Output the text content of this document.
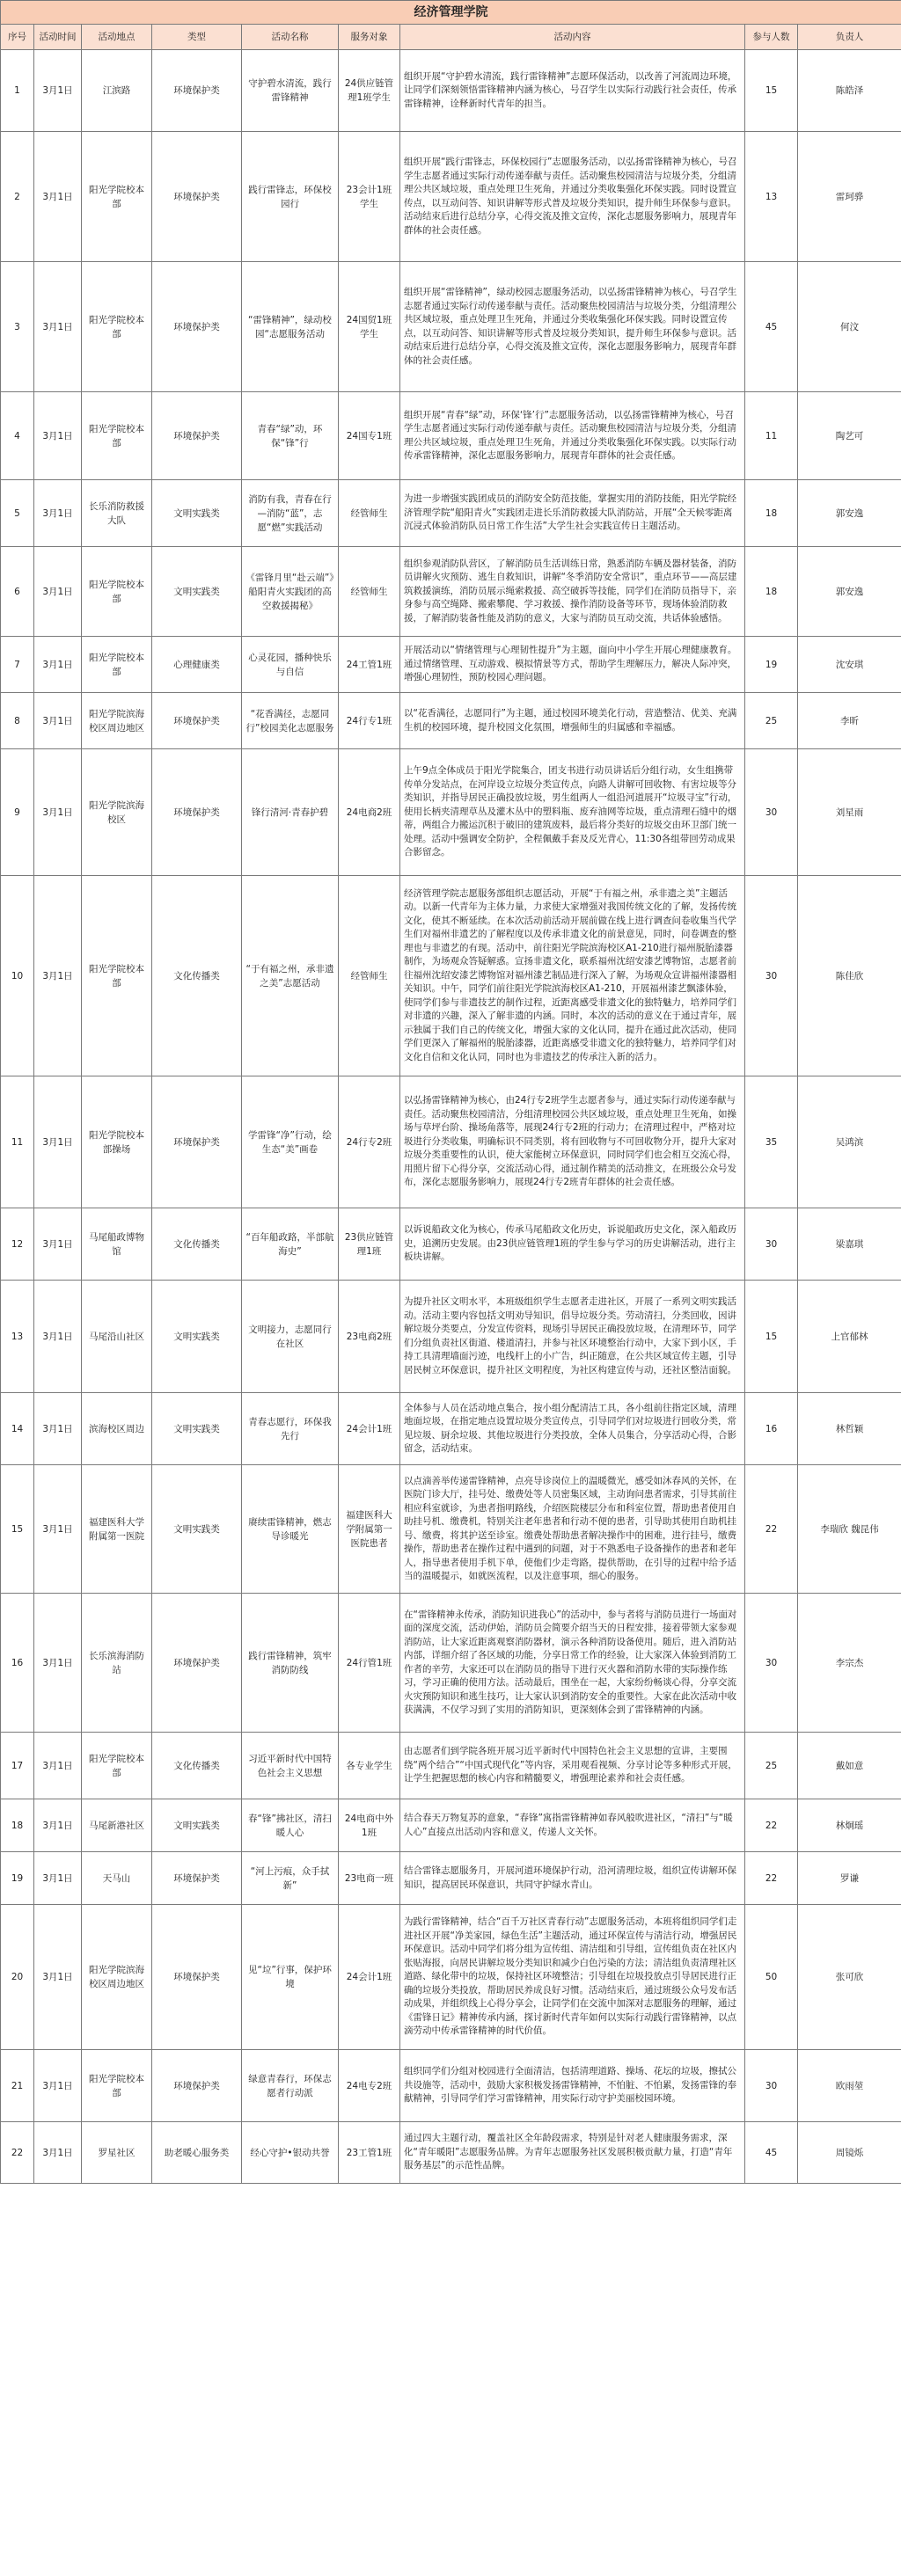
经济管理学院
序号	活动时间	活动地点	类型	活动名称	服务对象	活动内容	参与人数	负责人
1	3月1日	江滨路	环境保护类	守护碧水清流，践行雷锋精神	24供应链管理1班学生	组织开展“守护碧水清流，践行雷锋精神”志愿环保活动，以改善了河流周边环境，让同学们深刻领悟雷锋精神内涵为核心，号召学生以实际行动践行社会责任，传承雷锋精神，诠释新时代青年的担当。	15	陈皓泽
2	3月1日	阳光学院校本部	环境保护类	践行雷锋志，环保校园行	23会计1班学生	组织开展“践行雷锋志，环保校园行”志愿服务活动，以弘扬雷锋精神为核心，号召学生志愿者通过实际行动传递奉献与责任。活动聚焦校园清洁与垃圾分类，分组清理公共区域垃圾，重点处理卫生死角，并通过分类收集强化环保实践。同时设置宣传点，以互动问答、知识讲解等形式普及垃圾分类知识，提升师生环保参与意识。活动结束后进行总结分享，心得交流及推文宣传，深化志愿服务影响力，展现青年群体的社会责任感。	13	雷珂骅
3	3月1日	阳光学院校本部	环境保护类	“雷锋精神”，绿动校园“志愿服务活动	24国贸1班学生	组织开展“雷锋精神”，绿动校园志愿服务活动，以弘扬雷锋精神为核心，号召学生志愿者通过实际行动传递奉献与责任。活动聚焦校园清洁与垃圾分类，分组清理公共区域垃圾，重点处理卫生死角，并通过分类收集强化环保实践。同时设置宣传点，以互动问答、知识讲解等形式普及垃圾分类知识，提升师生环保参与意识。活动结束后进行总结分享，心得交流及推文宣传，深化志愿服务影响力，展现青年群体的社会责任感。	45	何汶
4	3月1日	阳光学院校本部	环境保护类	青春“绿”动，环保“锋”行	24国专1班	组织开展“青春“绿”动，环保‘锋’行”志愿服务活动，以弘扬雷锋精神为核心，号召学生志愿者通过实际行动传递奉献与责任。活动聚焦校园清洁与垃圾分类，分组清理公共区域垃圾，重点处理卫生死角，并通过分类收集强化环保实践。以实际行动传承雷锋精神，深化志愿服务影响力，展现青年群体的社会责任感。	11	陶艺可
5	3月1日	长乐消防救援大队	文明实践类	消防有我，青春在行—消防“蓝”，志愿“燃”实践活动	经管师生	为进一步增强实践团成员的消防安全防范技能，掌握实用的消防技能，阳光学院经济管理学院“船阳青火”实践团走进长乐消防救援大队消防站，开展“全天候零距离沉浸式体验消防队员日常工作生活”大学生社会实践宣传日主题活动。	18	郭安逸
6	3月1日	阳光学院校本部	文明实践类	《雷锋月里“赴云端”》船阳青火实践团的高空救援揭秘》	经管师生	组织参观消防队营区，了解消防员生活训练日常，熟悉消防车辆及器材装备，消防员讲解火灾预防、逃生自救知识，讲解“冬季消防安全常识”，重点环节——高层建筑救援演练，消防员展示绳索救援、高空破拆等技能，同学们在消防员指导下，亲身参与高空绳降、搬索攀爬、学习救援、操作消防设备等环节，现场体验消防救援，了解消防装备性能及消防的意义，大家与消防员互动交流，共话体验感悟。	18	郭安逸
7	3月1日	阳光学院校本部	心理健康类	心灵花园，播种快乐与自信	24工管1班	开展活动以“情绪管理与心理韧性提升”为主题，面向中小学生开展心理健康教育。通过情绪管理、互动游戏、模拟情景等方式，帮助学生理解压力，解决人际冲突，增强心理韧性，预防校园心理问题。	19	沈安琪
8	3月1日	阳光学院滨海校区周边地区	环境保护类	“花香满径，志愿同行”校园美化志愿服务	24行专1班	以“花香满径，志愿同行”为主题，通过校园环境美化行动，营造整洁、优美、充满生机的校园环境，提升校园文化氛围，增强师生的归属感和幸福感。	25	李昕
9	3月1日	阳光学院滨海校区	环境保护类	锋行清河·青春护碧	24电商2班	上午9点全体成员于阳光学院集合，团支书进行动员讲话后分组行动，女生组携带传单分发站点，在河岸设立垃圾分类宣传点，向路人讲解可回收物、有害垃圾等分类知识，并指导居民正确投放垃圾，男生组两人一组沿河道展开“垃圾寻宝”行动，使用长柄夹清理草丛及灌木丛中的塑料瓶、废弃油网等垃圾，重点清理石缝中的烟蒂，两组合力搬运沉积于破旧的建筑废料，最后将分类好的垃圾交由环卫部门统一处理。活动中强调安全防护，全程佩戴手套及反光背心，11:30各组带回劳动成果合影留念。	30	刘星雨
10	3月1日	阳光学院校本部	文化传播类	“于有福之州，承非遗之美”志愿活动	经管师生	经济管理学院志愿服务部组织志愿活动，开展“于有福之州，承非遗之美”主题活动。以新一代青年为主体力量，力求使大家增强对我国传统文化的了解，发扬传统文化，使其不断延续。在本次活动前活动开展前做在线上进行调查问卷收集当代学生们对福州非遗艺的了解程度以及传承非遗文化的前景意见，同时，问卷调查的整理也与非遗艺的有现。活动中，前往阳光学院滨海校区A1-210进行福州脱胎漆器制作，为场观众答疑解惑。宣扬非遗文化，联系福州沈绍安漆艺博物馆，志愿者前往福州沈绍安漆艺博物馆对福州漆艺制品进行深入了解，为场观众宣讲福州漆器相关知识。中午，同学们前往阳光学院滨海校区A1-210，开展福州漆艺飘漆体验，使同学们参与非遗技艺的制作过程，近距离感受非遗文化的独特魅力，培养同学们对非遗的兴趣，深入了解非遗的内涵。同时，本次的活动的意义在于通过青年，展示独属于我们自己的传统文化，增强大家的文化认同，提升在通过此次活动，使同学们更深入了解福州的脱胎漆器，近距离感受非遗文化的独特魅力，培养同学们对文化自信和文化认同，同时也为非遗技艺的传承注入新的活力。	30	陈佳欣
11	3月1日	阳光学院校本部操场	环境保护类	学雷锋“净”行动，绘生态“美”画卷	24行专2班	以弘扬雷锋精神为核心，由24行专2班学生志愿者参与，通过实际行动传递奉献与责任。活动聚焦校园清洁，分组清理校园公共区域垃圾，重点处理卫生死角，如操场与草坪台阶、操场角落等，展现24行专2班的行动力；在清理过程中，严格对垃圾进行分类收集，明确标识不同类别，将有回收物与不可回收物分开，提升大家对垃圾分类重要性的认识，使大家能树立环保意识，同时同学们也会相互交流心得，用照片留下心得分享，交流活动心得，通过制作精美的活动推文，在班级公众号发布，深化志愿服务影响力，展现24行专2班青年群体的社会责任感。	35	吴鸿滨
12	3月1日	马尾船政博物馆	文化传播类	“百年船政路，半部航海史”	23供应链管理1班	以诉说船政文化为核心，传承马尾船政文化历史，诉说船政历史文化，深入船政历史，追溯历史发展。由23供应链管理1班的学生参与学习的历史讲解活动，进行主板块讲解。	30	梁嘉琪
13	3月1日	马尾沿山社区	文明实践类	文明接力，志愿同行在社区	23电商2班	为提升社区文明水平，本班级组织学生志愿者走进社区，开展了一系列文明实践活动。活动主要内容包括文明劝导知识，倡导垃圾分类。劳动清扫，分类回收，因讲解垃圾分类要点，分发宣传资料，现场引导居民正确投放垃圾，在清理环节，同学们分组负责社区街道、楼道清扫，并参与社区环境整治行动中，大家下到小区，手持工具清理墙面污迹，电线杆上的小广告，纠正随意，在公共区域宣传主题，引导居民树立环保意识，提升社区文明程度，为社区构建宣传与动，还社区整洁面貌。	15	上官郁林
14	3月1日	滨海校区周边	文明实践类	青春志愿行，环保我先行	24会计1班	全体参与人员在活动地点集合，按小组分配清洁工具，各小组前往指定区域，清理地面垃圾，在指定地点设置垃圾分类宣传点，引导同学们对垃圾进行回收分类，常见垃圾、厨余垃圾、其他垃圾进行分类投放，全体人员集合，分享活动心得，合影留念，活动结束。	16	林哲颖
15	3月1日	福建医科大学附属第一医院	文明实践类	赓续雷锋精神，燃志导诊暖光	福建医科大学附属第一医院患者	以点滴善举传递雷锋精神，点亮导诊岗位上的温暖微光，感受如沐春风的关怀，在医院门诊大厅，挂号处、缴费处等人员密集区域，主动询问患者需求，引导其前往相应科室就诊，为患者指明路线，介绍医院楼层分布和科室位置，帮助患者使用自助挂号机、缴费机，特别关注老年患者和行动不便的患者，引导助其使用自助机挂号、缴费，将其护送至诊室。缴费处帮助患者解决操作中的困难，进行挂号，缴费操作，帮助患者在操作过程中遇到的问题，对于不熟悉电子设备操作的患者和老年人，指导患者使用手机下单，使他们少走弯路，提供帮助，在引导的过程中给予适当的温暖提示，如就医流程，以及注意事项，细心的服务。	22	李瑞欣 魏昆伟
16	3月1日	长乐滨海消防站	环境保护类	践行雷锋精神，筑牢消防防线	24行管1班	在“雷锋精神永传承，消防知识进我心”的活动中，参与者将与消防员进行一场面对面的深度交流，活动伊始，消防员会简要介绍当天的日程安排，接着带领大家参观消防站，让大家近距离观察消防器材，演示各种消防设备使用。随后，进入消防站内部，详细介绍了各区域的功能，分享日常工作的经验，让大家深入体验到消防工作者的辛劳，大家还可以在消防员的指导下进行灭火器和消防水带的实际操作练习，学习正确的使用方法。活动最后，围坐在一起，大家纷纷畅谈心得，分享交流火灾预防知识和逃生技巧，让大家认识到消防安全的重要性。大家在此次活动中收获满满，不仅学习到了实用的消防知识，更深刻体会到了雷锋精神的内涵。	30	李宗杰
17	3月1日	阳光学院校本部	文化传播类	习近平新时代中国特色社会主义思想	各专业学生	由志愿者们到学院各班开展习近平新时代中国特色社会主义思想的宣讲，主要围绕“两个结合”“中国式现代化”等内容，采用观看视频、分享讨论等多种形式开展，让学生把握思想的核心内容和精髓要义，增强理论素养和社会责任感。	25	戴如意
18	3月1日	马尾新港社区	文明实践类	春“锋”拂社区，清扫暖人心	24电商中外1班	结合春天万物复苏的意象，“春锋”寓指雷锋精神如春风般吹进社区，“清扫”与“暖人心”直接点出活动内容和意义，传递人文关怀。	22	林炯瑶
19	3月1日	天马山	环境保护类	“河上污痕，众手拭新”	23电商一班	结合雷锋志愿服务月，开展河道环境保护行动，沿河清理垃圾，组织宣传讲解环保知识，提高居民环保意识，共同守护绿水青山。	22	罗谦
20	3月1日	阳光学院滨海校区周边地区	环境保护类	见“垃”行事，保护环境	24会计1班	为践行雷锋精神，结合“百千万社区青春行动”志愿服务活动，本班将组织同学们走进社区开展“净美家园，绿色生活”主题活动，通过环保宣传与清洁行动，增强居民环保意识。活动中同学们将分组为宣传组、清洁组和引导组，宣传组负责在社区内张贴海报，向居民讲解垃圾分类知识和减少白色污染的方法；清洁组负责清理社区道路、绿化带中的垃圾，保持社区环境整洁；引导组在垃圾投放点引导居民进行正确的垃圾分类投放，帮助居民养成良好习惯。活动结束后，通过班级公众号发布活动成果，并组织线上心得分享会，让同学们在交流中加深对志愿服务的理解，通过《雷锋日记》精神传承内涵，探讨新时代青年如何以实际行动践行雷锋精神，以点滴劳动中传承雷锋精神的时代价值。	50	张可欣
21	3月1日	阳光学院校本部	环境保护类	绿意青春行，环保志愿者行动派	24电专2班	组织同学们分组对校园进行全面清洁，包括清理道路、操场、花坛的垃圾，擦拭公共设施等，活动中，鼓励大家积极发扬雷锋精神，不怕脏、不怕累，发扬雷锋的奉献精神，引导同学们学习雷锋精神，用实际行动守护美丽校园环境。	30	欧雨堃
22	3月1日	罗星社区	助老暖心服务类	经心守护•银动共誉	23工管1班	通过四大主题行动，覆盖社区全年龄段需求，特别是针对老人健康服务需求，深化“青年暖阳”志愿服务品牌。为青年志愿服务社区发展积极贡献力量，打造“青年服务基层”的示范性品牌。	45	周镜烁
